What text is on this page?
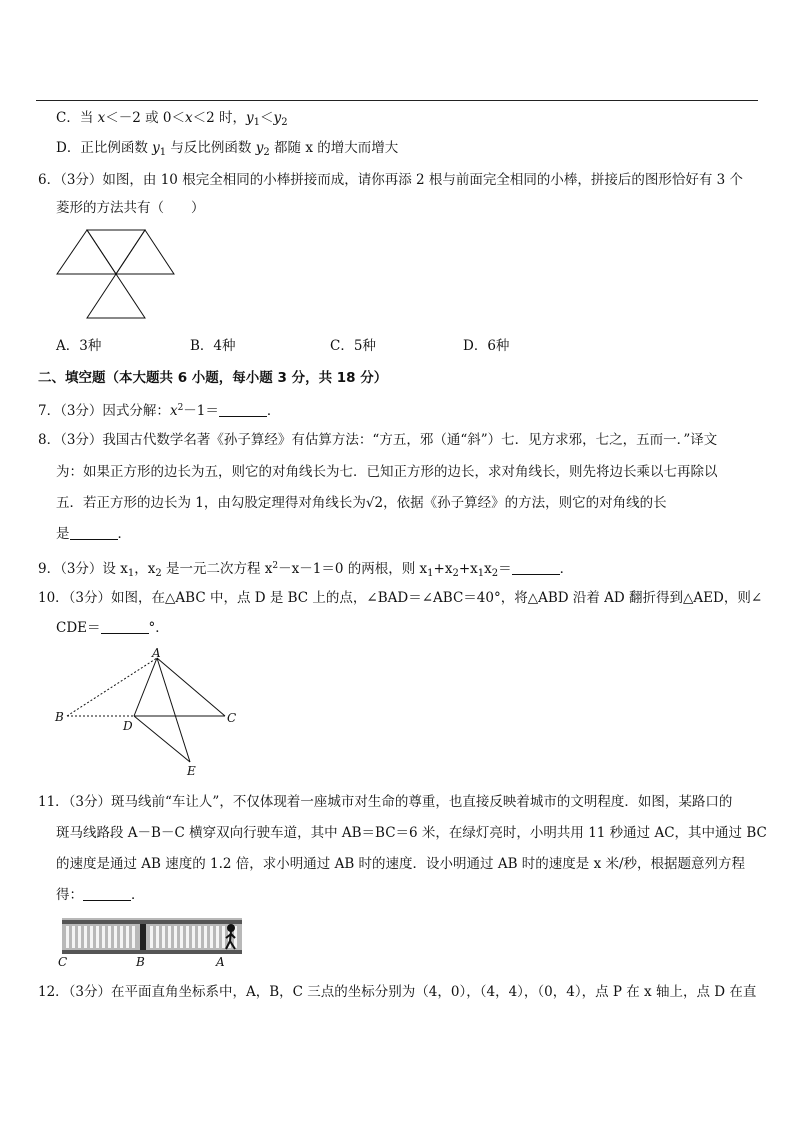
C．当 x＜－2 或 0＜x＜2 时，$y_1<y_2$
D．正比例函数 $y_1$ 与反比例函数 $y_2$ 都随 x 的增大而增大
6．（3分）如图，由 10 根完全相同的小棒拼接而成，请你再添 2 根与前面完全相同的小棒，拼接后的图形恰好有 3 个
菱形的方法共有（　　）
A．3种	B．4种	C．5种	D．6种
二、填空题（本大题共 6 小题，每小题 3 分，共 18 分）
7．（3分）因式分解：$x^2-1=$	．
8．（3分）我国古代数学名著《孙子算经》有估算方法：“方五，邪（通“斜”）七．见方求邪，七之，五而一．”译文
为：如果正方形的边长为五，则它的对角线长为七．已知正方形的边长，求对角线长，则先将边长乘以七再除以
五．若正方形的边长为 1，由勾股定理得对角线长为√2，依据《孙子算经》的方法，则它的对角线的长
是	．
9．（3分）设 $x_1$，$x_2$ 是一元二次方程 $x^2-x-1=0$ 的两根，则 $x_1+x_2+x_1x_2=$	．
10．（3分）如图，在△ABC 中，点 D 是 BC 上的点，∠BAD＝∠ABC＝40°，将△ABD 沿着 AD 翻折得到△AED，则∠
CDE＝	°．
A
B	C
D
E
11．（3分）斑马线前“车让人”，不仅体现着一座城市对生命的尊重，也直接反映着城市的文明程度．如图，某路口的
斑马线路段 A－B－C 横穿双向行驶车道，其中 AB＝BC＝6 米，在绿灯亮时，小明共用 11 秒通过 AC，其中通过 BC
的速度是通过 AB 速度的 1.2 倍，求小明通过 AB 时的速度．设小明通过 AB 时的速度是 x 米/秒，根据题意列方程
得：	．
C	B	A
12．（3分）在平面直角坐标系中，A，B，C 三点的坐标分别为（4，0），（4，4），（0，4），点 P 在 x 轴上，点 D 在直
